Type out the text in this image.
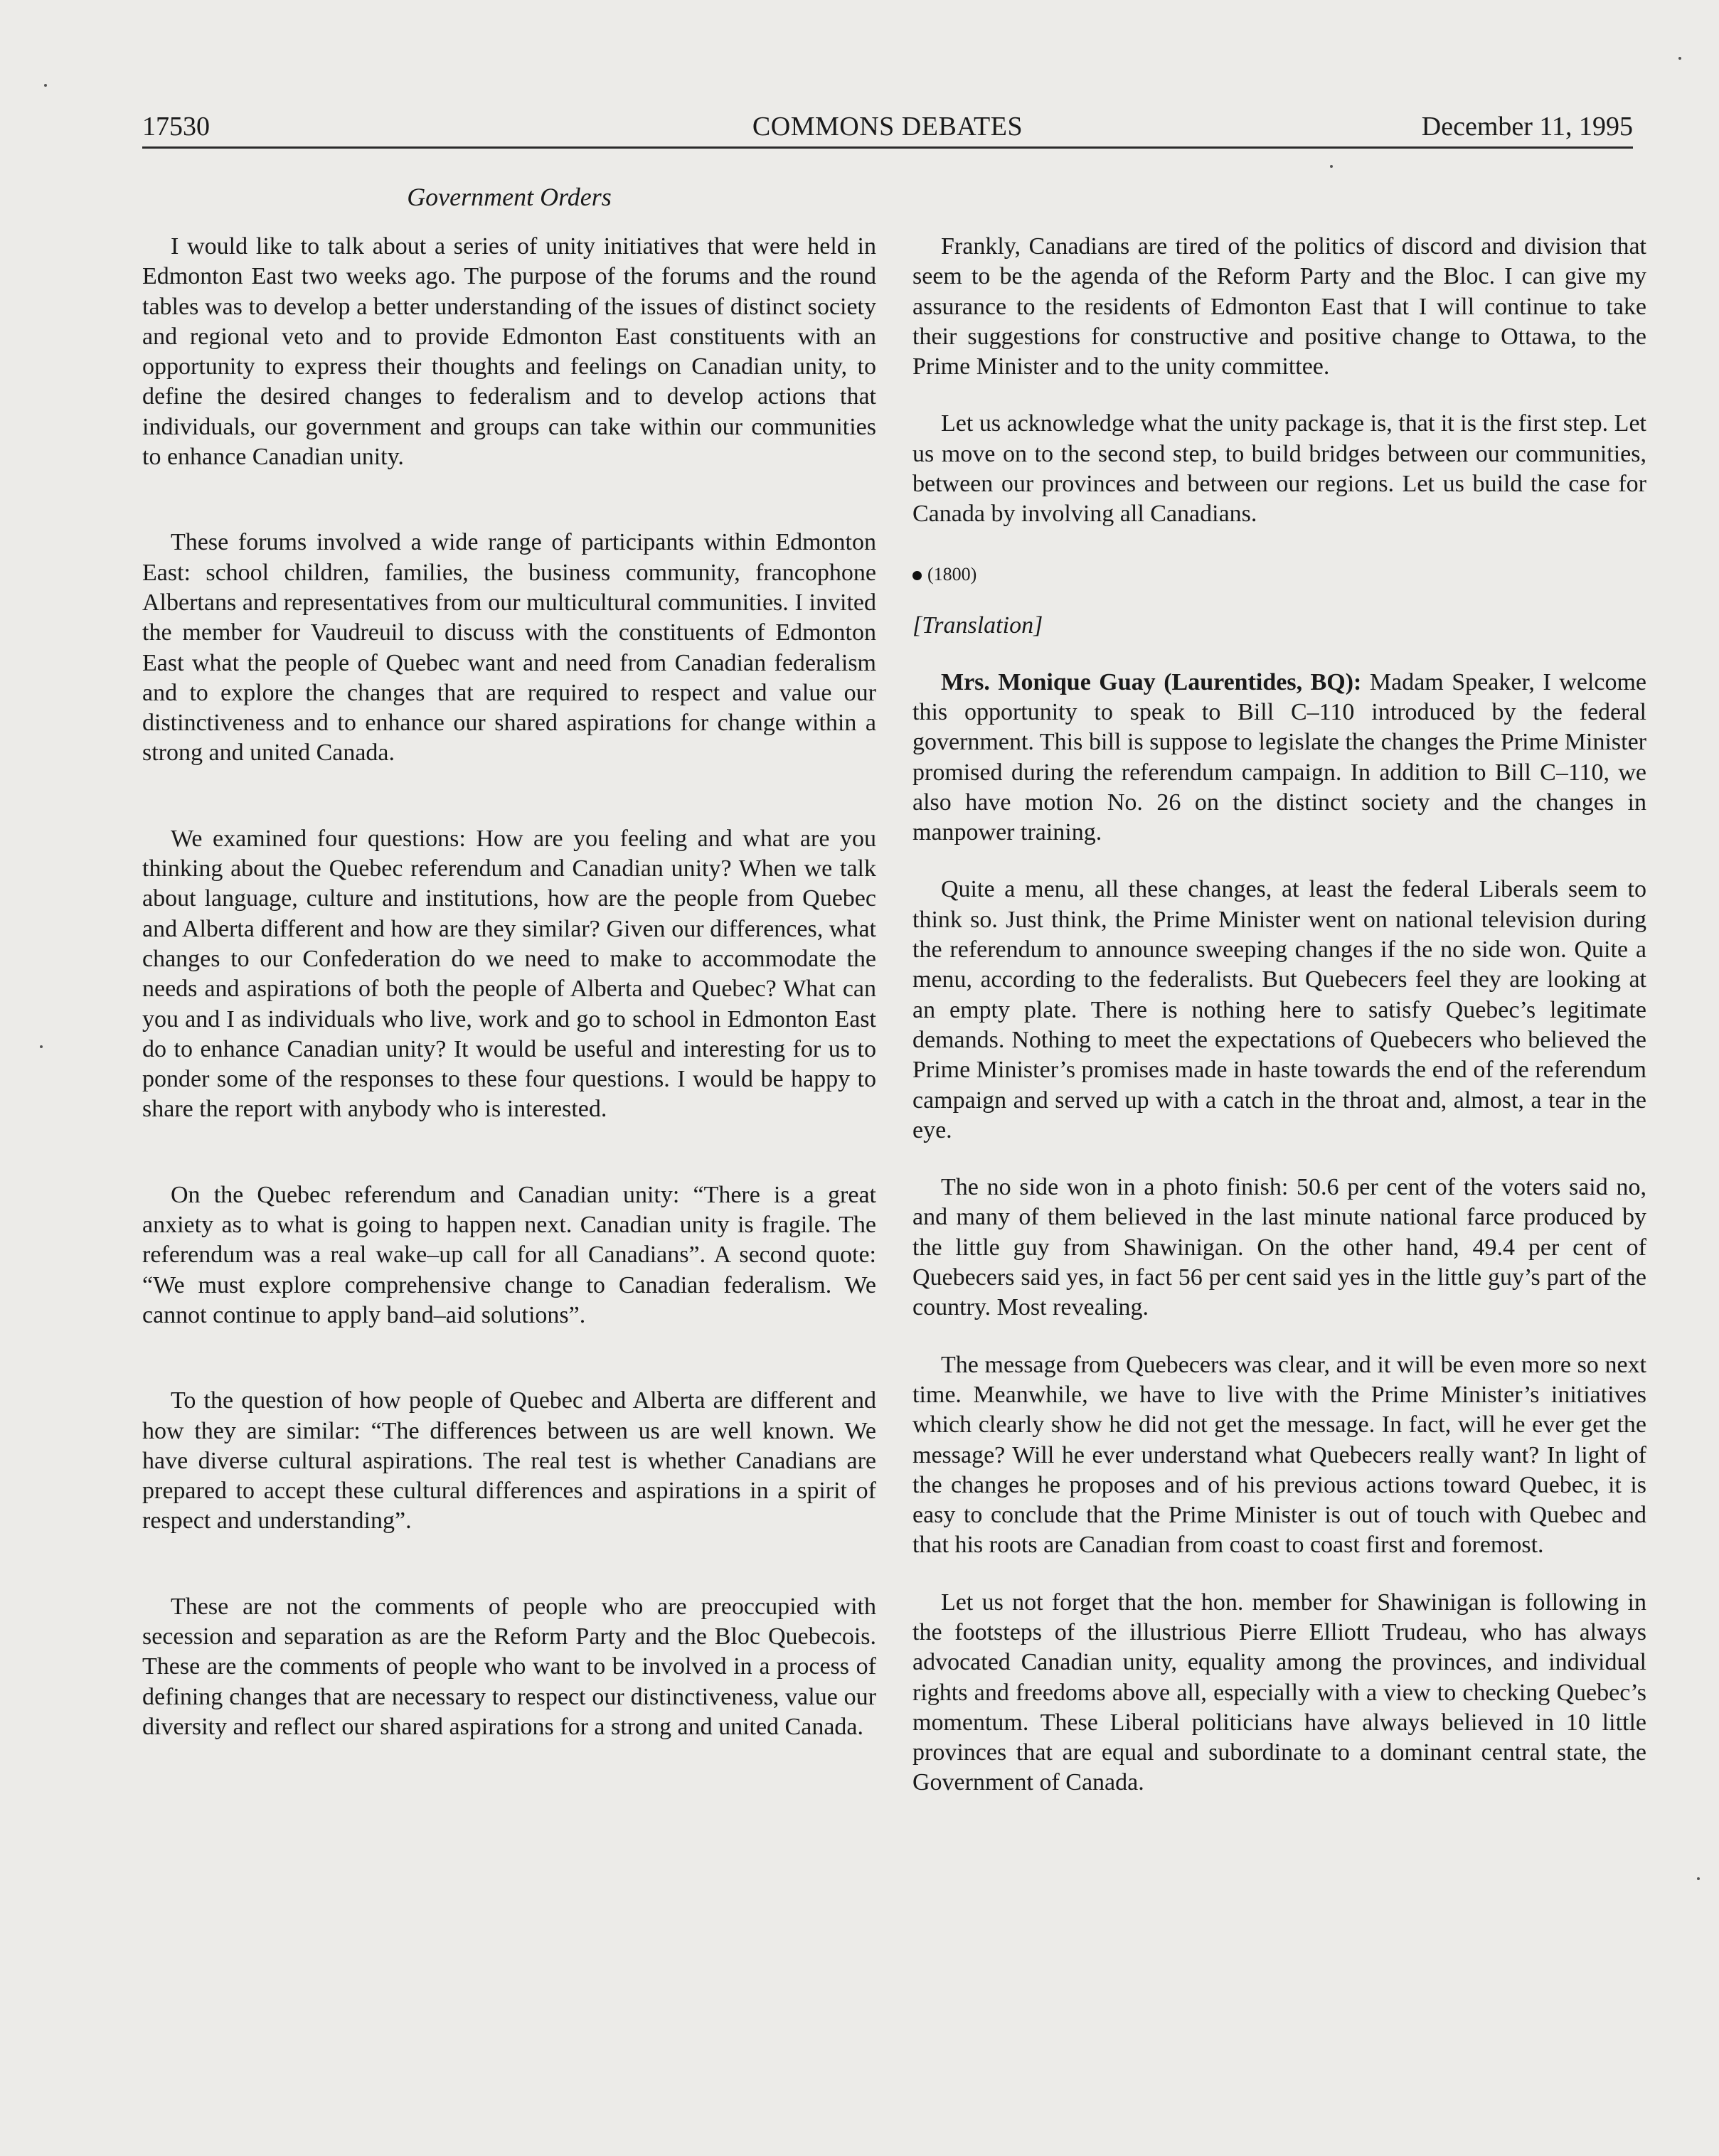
17530	COMMONS DEBATES	December 11, 1995
Government Orders

I would like to talk about a series of unity initiatives that were held in Edmonton East two weeks ago. The purpose of the forums and the round tables was to develop a better understanding of the issues of distinct society and regional veto and to provide Edmonton East constituents with an opportunity to express their thoughts and feelings on Canadian unity, to define the desired changes to federalism and to develop actions that individuals, our government and groups can take within our communities to enhance Canadian unity.

These forums involved a wide range of participants within Edmonton East: school children, families, the business community, francophone Albertans and representatives from our multicultural communities. I invited the member for Vaudreuil to discuss with the constituents of Edmonton East what the people of Quebec want and need from Canadian federalism and to explore the changes that are required to respect and value our distinctiveness and to enhance our shared aspirations for change within a strong and united Canada.

We examined four questions: How are you feeling and what are you thinking about the Quebec referendum and Canadian unity? When we talk about language, culture and institutions, how are the people from Quebec and Alberta different and how are they similar? Given our differences, what changes to our Confederation do we need to make to accommodate the needs and aspirations of both the people of Alberta and Quebec? What can you and I as individuals who live, work and go to school in Edmonton East do to enhance Canadian unity? It would be useful and interesting for us to ponder some of the responses to these four questions. I would be happy to share the report with anybody who is interested.

On the Quebec referendum and Canadian unity: “There is a great anxiety as to what is going to happen next. Canadian unity is fragile. The referendum was a real wake–up call for all Canadians”. A second quote: “We must explore comprehensive change to Canadian federalism. We cannot continue to apply band–aid solutions”.

To the question of how people of Quebec and Alberta are different and how they are similar: “The differences between us are well known. We have diverse cultural aspirations. The real test is whether Canadians are prepared to accept these cultural differences and aspirations in a spirit of respect and understanding”.

These are not the comments of people who are preoccupied with secession and separation as are the Reform Party and the Bloc Quebecois. These are the comments of people who want to be involved in a process of defining changes that are necessary to respect our distinctiveness, value our diversity and reflect our shared aspirations for a strong and united Canada.

Frankly, Canadians are tired of the politics of discord and division that seem to be the agenda of the Reform Party and the Bloc. I can give my assurance to the residents of Edmonton East that I will continue to take their suggestions for constructive and positive change to Ottawa, to the Prime Minister and to the unity committee.

Let us acknowledge what the unity package is, that it is the first step. Let us move on to the second step, to build bridges between our communities, between our provinces and between our regions. Let us build the case for Canada by involving all Canadians.

(1800)
[Translation]

Mrs. Monique Guay (Laurentides, BQ): Madam Speaker, I welcome this opportunity to speak to Bill C–110 introduced by the federal government. This bill is suppose to legislate the changes the Prime Minister promised during the referendum campaign. In addition to Bill C–110, we also have motion No. 26 on the distinct society and the changes in manpower training.

Quite a menu, all these changes, at least the federal Liberals seem to think so. Just think, the Prime Minister went on national television during the referendum to announce sweeping changes if the no side won. Quite a menu, according to the federalists. But Quebecers feel they are looking at an empty plate. There is nothing here to satisfy Quebec’s legitimate demands. Nothing to meet the expectations of Quebecers who believed the Prime Minister’s promises made in haste towards the end of the referendum campaign and served up with a catch in the throat and, almost, a tear in the eye.

The no side won in a photo finish: 50.6 per cent of the voters said no, and many of them believed in the last minute national farce produced by the little guy from Shawinigan. On the other hand, 49.4 per cent of Quebecers said yes, in fact 56 per cent said yes in the little guy’s part of the country. Most revealing.

The message from Quebecers was clear, and it will be even more so next time. Meanwhile, we have to live with the Prime Minister’s initiatives which clearly show he did not get the message. In fact, will he ever get the message? Will he ever understand what Quebecers really want? In light of the changes he proposes and of his previous actions toward Quebec, it is easy to conclude that the Prime Minister is out of touch with Quebec and that his roots are Canadian from coast to coast first and foremost.

Let us not forget that the hon. member for Shawinigan is following in the footsteps of the illustrious Pierre Elliott Trudeau, who has always advocated Canadian unity, equality among the provinces, and individual rights and freedoms above all, especially with a view to checking Quebec’s momentum. These Liberal politicians have always believed in 10 little provinces that are equal and subordinate to a dominant central state, the Government of Canada.
